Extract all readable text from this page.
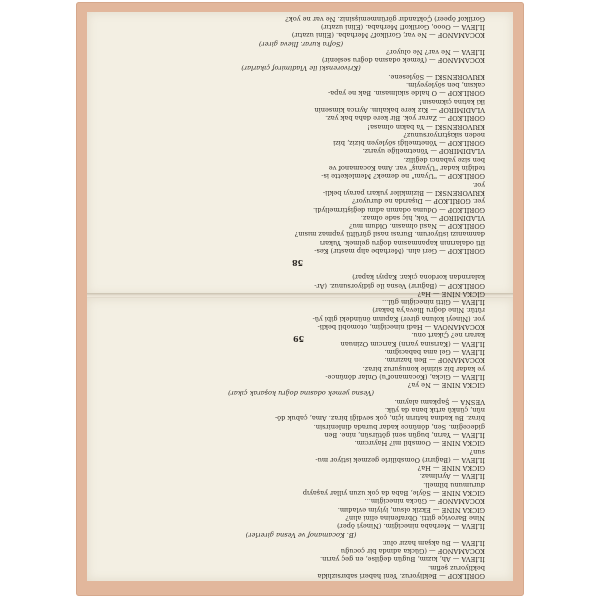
GORİLKOP — Geri alın. (Merhabe alıp mastır) Kes-

ilti odalarının kapanmasına doğru gelmek. Yukarı

danmanızı istiyorum. Burası nasıl gürültü yapmaz mısın?

GORİLKOP — Nasıl olmasın. Oldum mu?

VLADIMIROP — Yok, hiç sade olmaz.

GORİLKOP — Oduma odamın adını değiştirmeliydi.

yer. GORİLKOP — Dışarıda ne duruyor?

KRIVORENSKI — Bizimkiler yukarı parayı bekli-

yor.

GORİLKOP — "Uyanı" ne demek? Memlekette is-

tediğin kadar "Uyanış" var. Ama Kocamanof ve

ben size yabancı değiliz.

VLADIMIROP — Yönetmeliğe uyarız.

GORİLKOP — Yönetmeliği söyleyen biziz, bizi

neden sıkıştırıyorsunuz?

KRIVORENSKI — Ya bakın olmasa!

GORİLKOP — Zarar yok. Bir kere daha bak yaz.

VLADIMIROP — Kız kere bakalım. Ayrıca kimsenin

iki katına çıkmasın!

GORİLKOP — O halde sıkılmasın. Bak ne yapa-

caksın, ben söyleyeyim.

KRIVORENSKI — Söylesene.

(Krivorenski ile Vladimirof çıkarlar)

KOCAMANOF — (Yemek odasına doğru seslenir)

İLİEVA — Ne var? Ne oluyor?

(Sofra kurar. İlieva girer)

KOCAMANOF — Ne var, Gorilkof? Merhaba. (Elini uzatır)

İLİEVA — Oooo, Gorilkof! Merhaba. (Elini uzatır)

Gorilkof öpeer) Çoktandır görünmemişsiniz. Ne var ne yok?

58
59

GORİLKOP — Bekliyoruz. Yeni haberi sabırsızlıkla

bekliyoruz şefim.

İLİEVA — Ah, kızım, Bugün değilse, en geç yarın.

KOCAMANOF — (Gücka adında bir çocuğu

İLİEVA — Bu akşam hazır olur.

(B. Kocamanof ve Vesna girerler)

İLİEVA — Merhaba nineciğim. (Nineyi öper)

Nine Baroviçe gitti. Obrafenina elini alın?

GICKA NINE — Ekzik olsun, iyiyim evladım.

KOCAMANOF — Gücka nineciğim...

GICKA NINE — Söyle, Baba da çok uzun yıllar yaşayıp

durumunu bilmeli.

İLİEVA — Ayrılmaz.

GICKA NINE — Ha?

İLİEVA — (Bağırır) Oomsbilirle gezmek istiyor mu-

sun?

GICKA NINE — Oomsbil mi? Hayırcım.

İLİEVA — Yarın, bugün seni götürsün, nine. Ben

gideceğim. Sen, dönünce kadar burada dinlenirsin.

biraz. Bu kadına hatırın için, çok sevdiği biraz. Ama, çabuk dö-

nün, çünkü artık bana da yük.

VESNA — Şapkamı alayım.

(Vesna yemek odasına doğru koşarak çıkar)

GICKA NINE — Ne ya?

İLİEVA — Gicka, (Kocamanof'u) Onlar dönünce-

ye kadar biz sizinle konuşuruz biraz.

KOCAMANOF — Ben hazırım.

İLİEVA — Gel ama babacığım.

İLİEVA — (Karısına yarın) Karıcım Ozinuan

kararı ne? Çıkart onu.

KOCAMANOVA — Hadi nineciğim, otomobil bekli-

yor. (Nineyi koluna girer) Kapının önündeki gibi yü-

rütür. Nine doğru İlieva'ya bakar)

İLİEVA — Gitti nineciğim gül...

GİCKA NİNE — Ha?

GORİLKOP — (Bağırır) Vesna ile gidiyorsunuz. (Ar-

kalarından kordona çıkar. Kapıyı kapar)
